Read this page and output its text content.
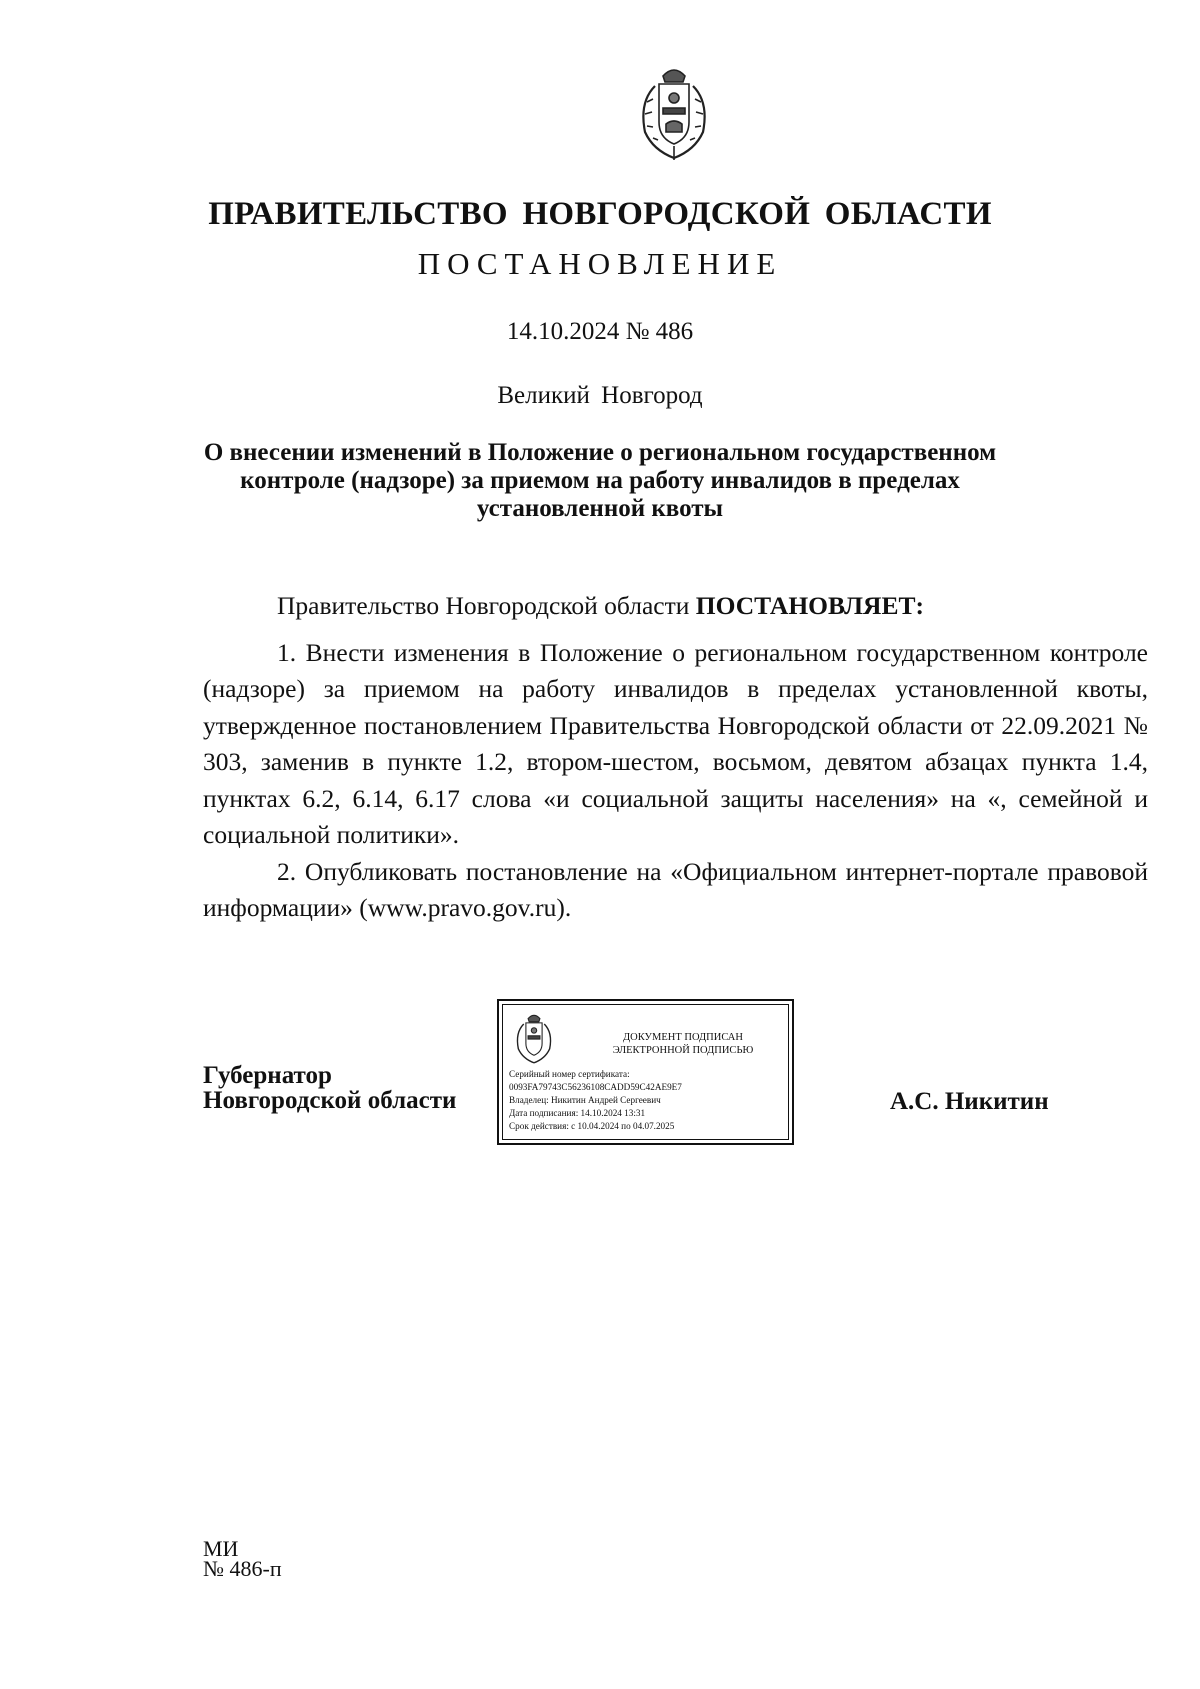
ПРАВИТЕЛЬСТВО НОВГОРОДСКОЙ ОБЛАСТИ
ПОСТАНОВЛЕНИЕ
14.10.2024 № 486
Великий Новгород
О внесении изменений в Положение о региональном государственном
контроле (надзоре) за приемом на работу инвалидов в пределах
установленной квоты

Правительство Новгородской области ПОСТАНОВЛЯЕТ:

1. Внести изменения в Положение о региональном государственном контроле (надзоре) за приемом на работу инвалидов в пределах установленной квоты, утвержденное постановлением Правительства Новгородской области от 22.09.2021 № 303, заменив в пункте 1.2, втором-шестом, восьмом, девятом абзацах пункта 1.4, пунктах 6.2, 6.14, 6.17 слова «и социальной защиты населения» на «, семейной и социальной политики».

2. Опубликовать постановление на «Официальном интернет-портале правовой информации» (www.pravo.gov.ru).

Губернатор
Новгородской области
ДОКУМЕНТ ПОДПИСАН
ЭЛЕКТРОННОЙ ПОДПИСЬЮ
Серийный номер сертификата:
0093FA79743C56236108CADD59C42AE9E7
Владелец: Никитин Андрей Сергеевич
Дата подписания: 14.10.2024 13:31
Срок действия: с 10.04.2024 по 04.07.2025
А.С. Никитин
МИ
№ 486-п
